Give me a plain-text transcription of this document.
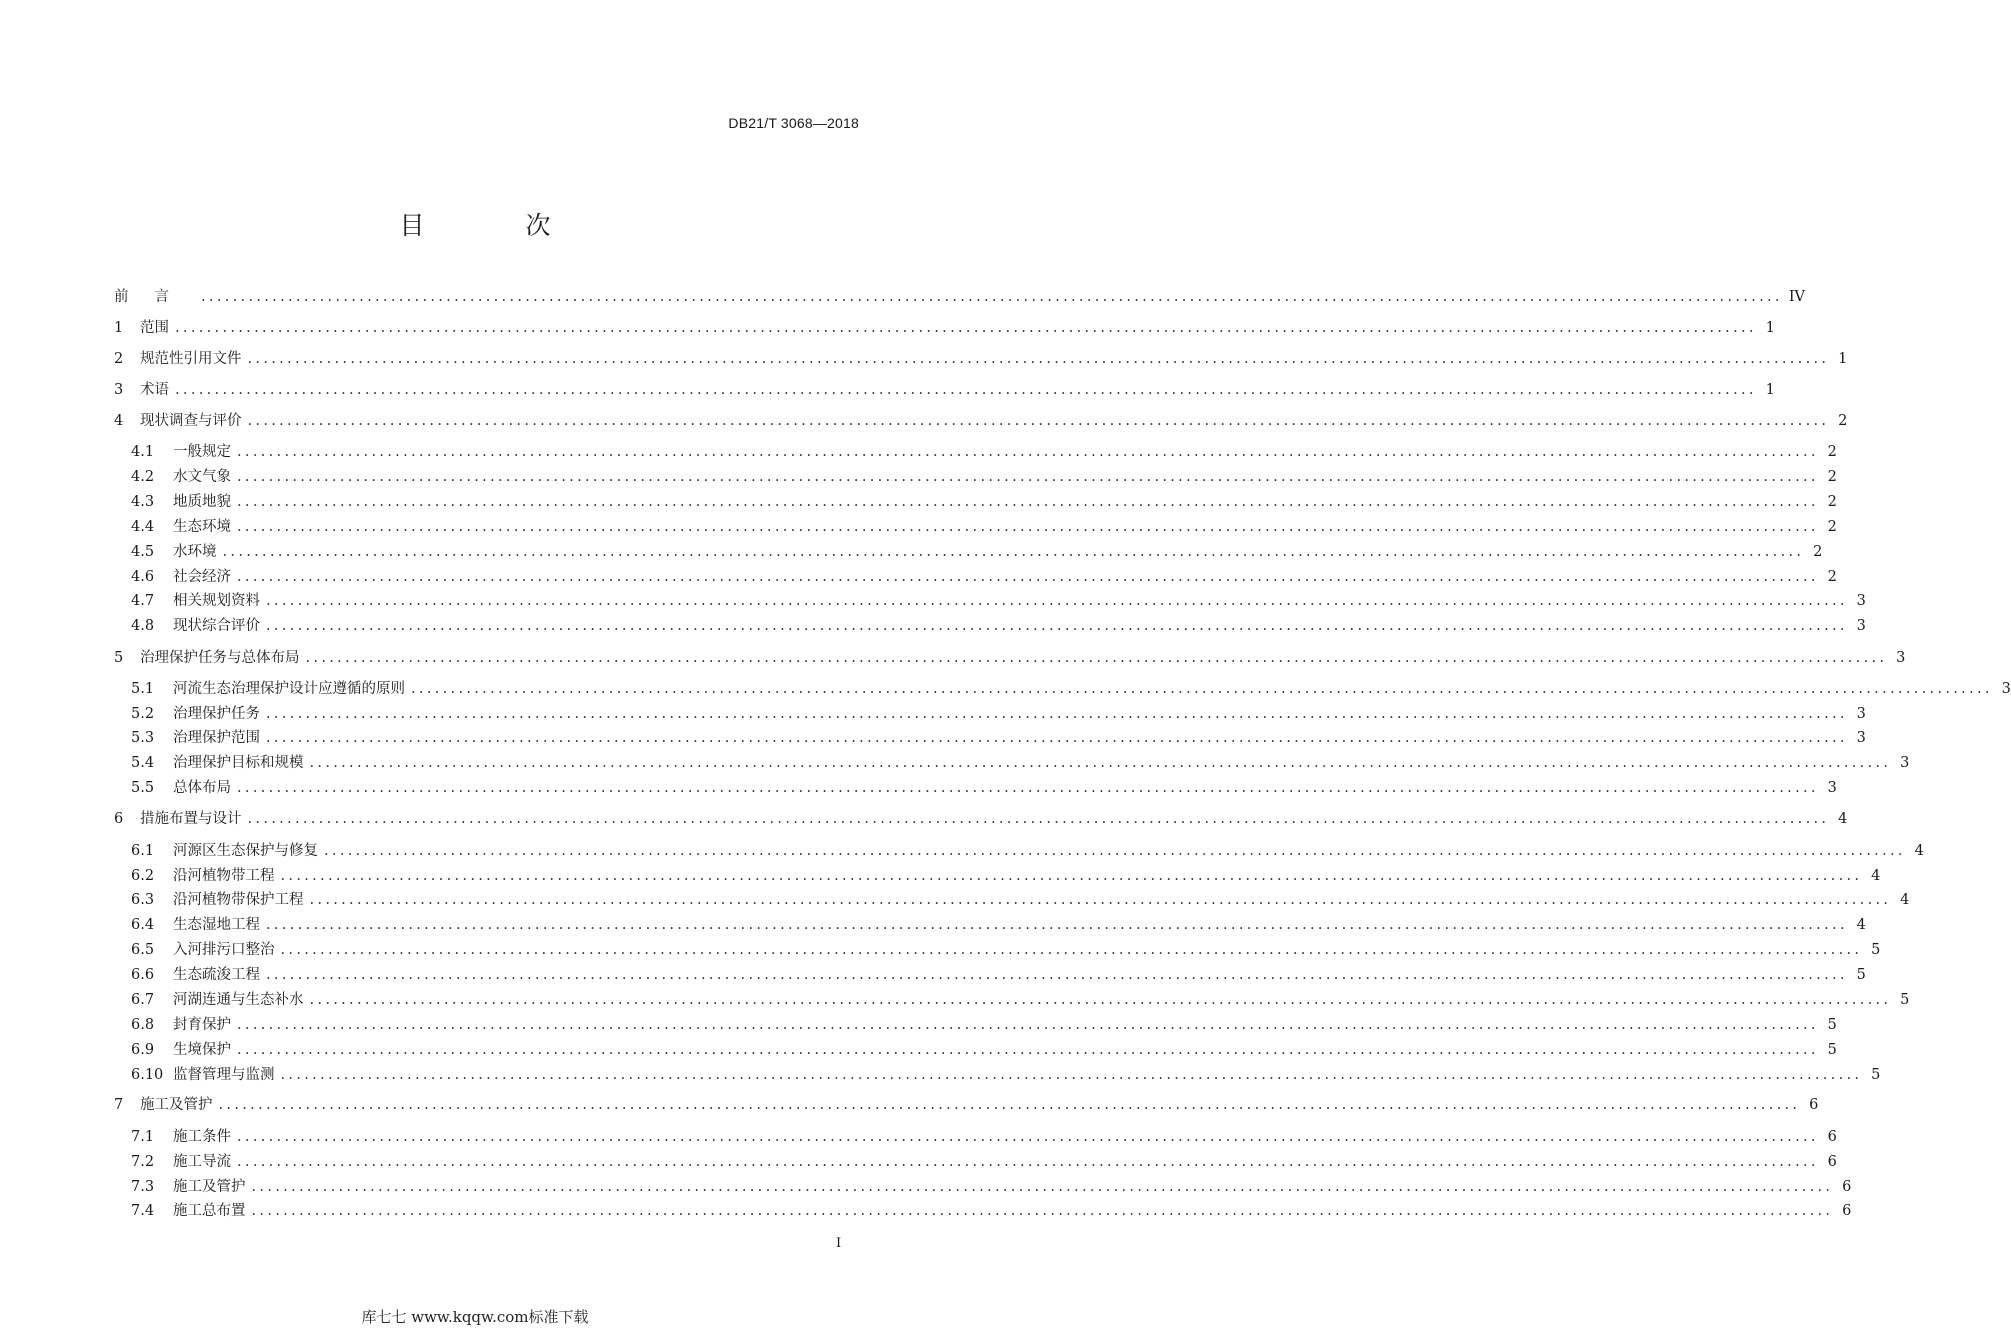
DB21/T 3068—2018
目　次
前言 ........................................................................................................................................................................................................ IV
1	范围 ........................................................................................................................................................................................................ 1
2	规范性引用文件 ........................................................................................................................................................................................................ 1
3	术语 ........................................................................................................................................................................................................ 1
4	现状调查与评价 ........................................................................................................................................................................................................ 2
4.1	一般规定 ........................................................................................................................................................................................................ 2
4.2	水文气象 ........................................................................................................................................................................................................ 2
4.3	地质地貌 ........................................................................................................................................................................................................ 2
4.4	生态环境 ........................................................................................................................................................................................................ 2
4.5	水环境 ........................................................................................................................................................................................................ 2
4.6	社会经济 ........................................................................................................................................................................................................ 2
4.7	相关规划资料 ........................................................................................................................................................................................................ 3
4.8	现状综合评价 ........................................................................................................................................................................................................ 3
5	治理保护任务与总体布局 ........................................................................................................................................................................................................ 3
5.1	河流生态治理保护设计应遵循的原则 ........................................................................................................................................................................................................ 3
5.2	治理保护任务 ........................................................................................................................................................................................................ 3
5.3	治理保护范围 ........................................................................................................................................................................................................ 3
5.4	治理保护目标和规模 ........................................................................................................................................................................................................ 3
5.5	总体布局 ........................................................................................................................................................................................................ 3
6	措施布置与设计 ........................................................................................................................................................................................................ 4
6.1	河源区生态保护与修复 ........................................................................................................................................................................................................ 4
6.2	沿河植物带工程 ........................................................................................................................................................................................................ 4
6.3	沿河植物带保护工程 ........................................................................................................................................................................................................ 4
6.4	生态湿地工程 ........................................................................................................................................................................................................ 4
6.5	入河排污口整治 ........................................................................................................................................................................................................ 5
6.6	生态疏浚工程 ........................................................................................................................................................................................................ 5
6.7	河湖连通与生态补水 ........................................................................................................................................................................................................ 5
6.8	封育保护 ........................................................................................................................................................................................................ 5
6.9	生境保护 ........................................................................................................................................................................................................ 5
6.10 监督管理与监测 ........................................................................................................................................................................................................ 5
7	施工及管护 ........................................................................................................................................................................................................ 6
7.1	施工条件 ........................................................................................................................................................................................................ 6
7.2	施工导流 ........................................................................................................................................................................................................ 6
7.3	施工及管护 ........................................................................................................................................................................................................ 6
7.4	施工总布置 ........................................................................................................................................................................................................ 6
I
库七七 www.kqqw.com标准下载
